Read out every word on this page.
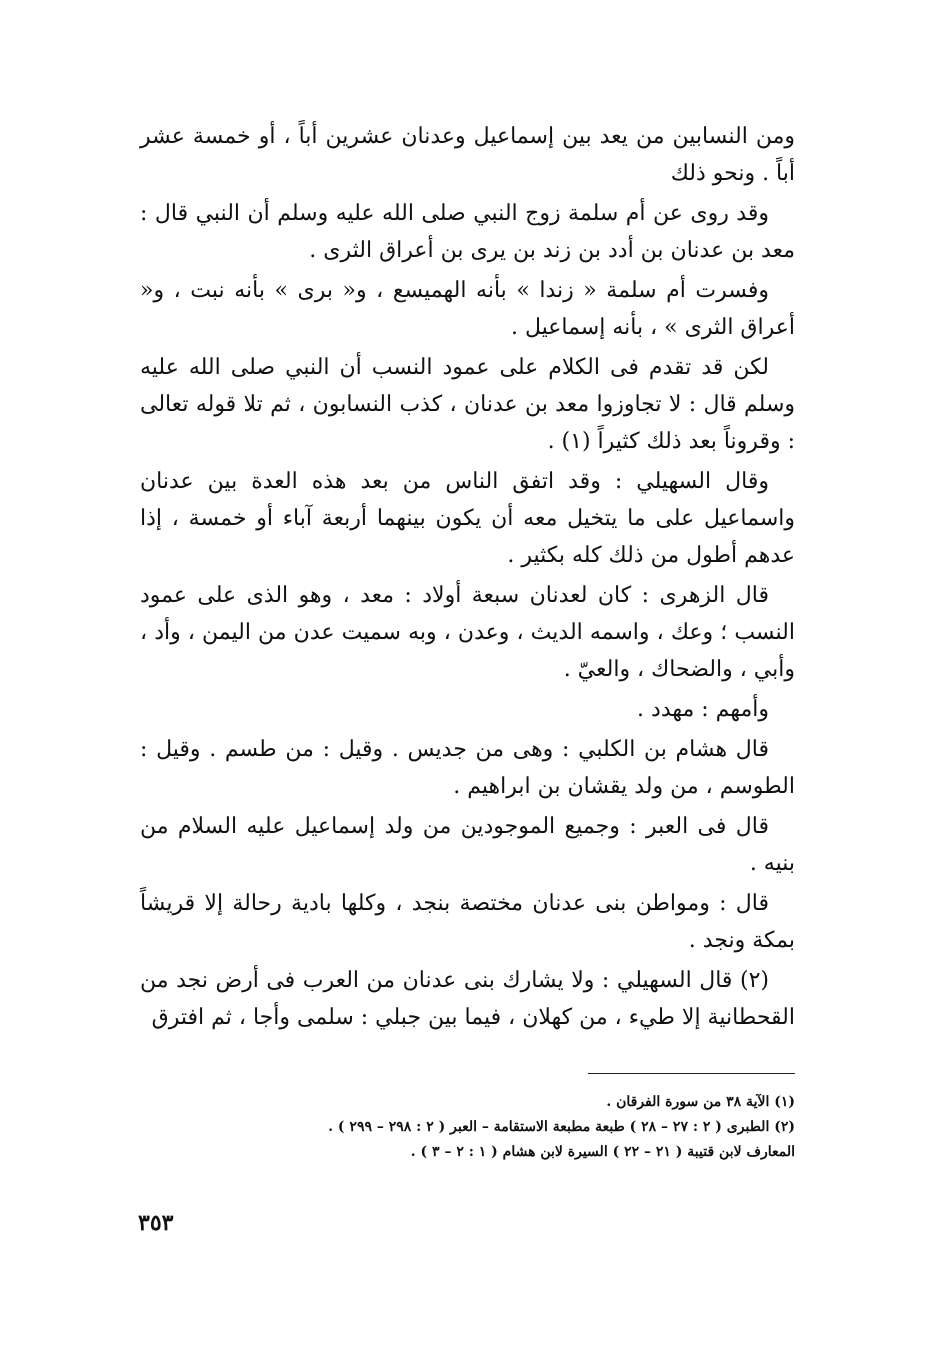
ومن النسابين من يعد بين إسماعيل وعدنان عشرين أباً ، أو خمسة عشر أباً . ونحو ذلك

وقد روى عن أم سلمة زوج النبي صلى الله عليه وسلم أن النبي قال : معد بن عدنان بن أدد بن زند بن يرى بن أعراق الثرى .

وفسرت أم سلمة « زندا » بأنه الهميسع ، و« برى » بأنه نبت ، و« أعراق الثرى » ، بأنه إسماعيل .

لكن قد تقدم فى الكلام على عمود النسب أن النبي صلى الله عليه وسلم قال : لا تجاوزوا معد بن عدنان ، كذب النسابون ، ثم تلا قوله تعالى : وقروناً بعد ذلك كثيراً (١) .

وقال السهيلي : وقد اتفق الناس من بعد هذه العدة بين عدنان واسماعيل على ما يتخيل معه أن يكون بينهما أربعة آباء أو خمسة ، إذا عدهم أطول من ذلك كله بكثير .

قال الزهرى : كان لعدنان سبعة أولاد : معد ، وهو الذى على عمود النسب ؛ وعك ، واسمه الديث ، وعدن ، وبه سميت عدن من اليمن ، وأد ، وأبي ، والضحاك ، والعيّ .

وأمهم : مهدد .

قال هشام بن الكلبي : وهى من جديس . وقيل : من طسم . وقيل : الطوسم ، من ولد يقشان بن ابراهيم .

قال فى العبر : وجميع الموجودين من ولد إسماعيل عليه السلام من بنيه .

قال : ومواطن بنى عدنان مختصة بنجد ، وكلها بادية رحالة إلا قريشاً بمكة ونجد .

(٢) قال السهيلي : ولا يشارك بنى عدنان من العرب فى أرض نجد من القحطانية إلا طيء ، من كهلان ، فيما بين جبلي : سلمى وأجا ، ثم افترق

(١) الآية ٣٨ من سورة الفرقان .
(٢) الطبرى ( ٢ : ٢٧ – ٢٨ ) طبعة مطبعة الاستقامة – العبر ( ٢ : ٢٩٨ – ٢٩٩ ) .
المعارف لابن قتيبة ( ٢١ – ٢٢ ) السيرة لابن هشام ( ١ : ٢ – ٣ ) .
٣٥٣
